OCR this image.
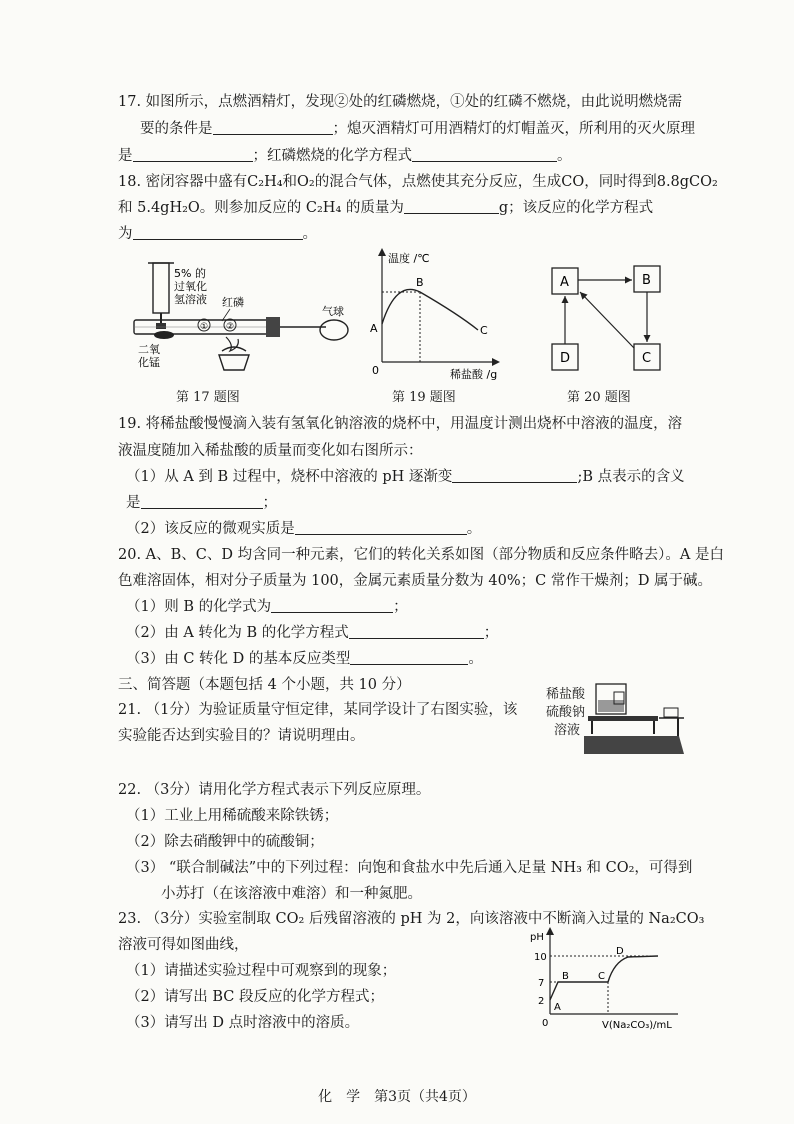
17. 如图所示，点燃酒精灯，发现②处的红磷燃烧，①处的红磷不燃烧，由此说明燃烧需
要的条件是	；熄灭酒精灯可用酒精灯的灯帽盖灭，所利用的灭火原理
是	；红磷燃烧的化学方程式	。
18. 密闭容器中盛有C₂H₄和O₂的混合气体，点燃使其充分反应，生成CO，同时得到8.8gCO₂
和 5.4gH₂O。则参加反应的 C₂H₄ 的质量为	g；该反应的化学方程式
为	。
① ②
5% 的
过氧化
氢溶液 红磷
气球
二氧
化锰
第 17 题图
温度 /℃
稀盐酸 /g
A
B
C
0
第 19 题图
A	B
D	C
第 20 题图
19. 将稀盐酸慢慢滴入装有氢氧化钠溶液的烧杯中，用温度计测出烧杯中溶液的温度，溶
液温度随加入稀盐酸的质量而变化如右图所示：
（1）从 A 到 B 过程中，烧杯中溶液的 pH 逐渐变	;B 点表示的含义
是	；
（2）该反应的微观实质是	。
20. A、B、C、D 均含同一种元素，它们的转化关系如图（部分物质和反应条件略去）。A 是白
色难溶固体，相对分子质量为 100，金属元素质量分数为 40%；C 常作干燥剂；D 属于碱。
（1）则 B 的化学式为	；
（2）由 A 转化为 B 的化学方程式	；
（3）由 C 转化 D 的基本反应类型	。
三、简答题（本题包括 4 个小题，共 10 分）
21. （1分）为验证质量守恒定律，某同学设计了右图实验，该
实验能否达到实验目的？请说明理由。
稀盐酸
硫酸钠
溶液
22. （3分）请用化学方程式表示下列反应原理。
（1）工业上用稀硫酸来除铁锈；
（2）除去硝酸钾中的硫酸铜；
（3） “联合制碱法”中的下列过程：向饱和食盐水中先后通入足量 NH₃ 和 CO₂，可得到
小苏打（在该溶液中难溶）和一种氮肥。
23. （3分）实验室制取 CO₂ 后残留溶液的 pH 为 2，向该溶液中不断滴入过量的 Na₂CO₃
溶液可得如图曲线，
（1）请描述实验过程中可观察到的现象；
（2）请写出 BC 段反应的化学方程式；
（3）请写出 D 点时溶液中的溶质。
pH
V(Na₂CO₃)/mL
10
7
2
0
A
B	C
D
化　学　第3页（共4页）
